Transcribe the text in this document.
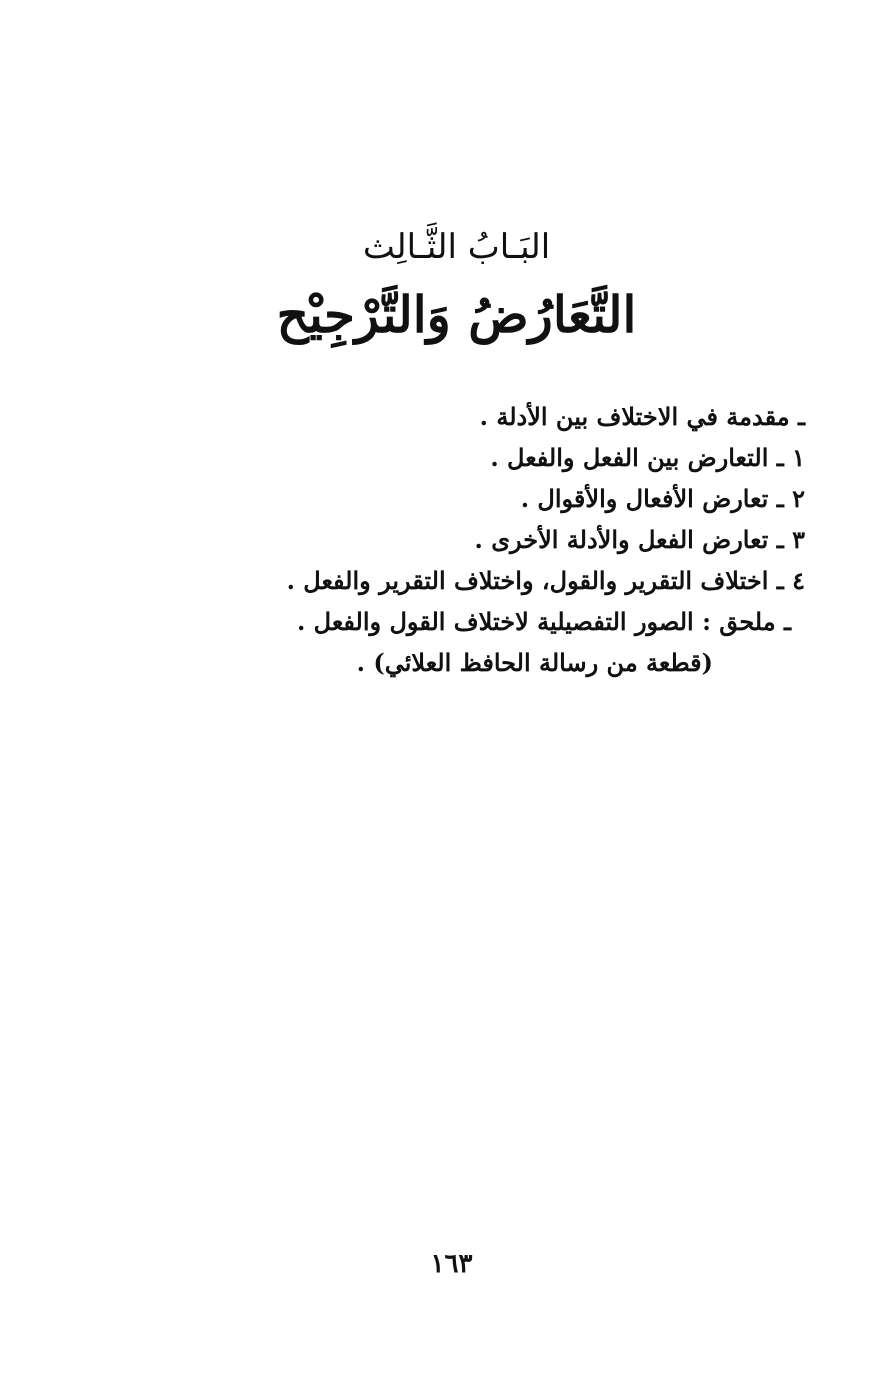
البَـابُ الثَّـالِث
التَّعَارُضُ وَالتَّرْجِيْح
ـ مقدمة في الاختلاف بين الأدلة .
١ ـ التعارض بين الفعل والفعل .
٢ ـ تعارض الأفعال والأقوال .
٣ ـ تعارض الفعل والأدلة الأخرى .
٤ ـ اختلاف التقرير والقول، واختلاف التقرير والفعل .
ـ ملحق : الصور التفصيلية لاختلاف القول والفعل .
(قطعة من رسالة الحافظ العلائي) .
١٦٣
